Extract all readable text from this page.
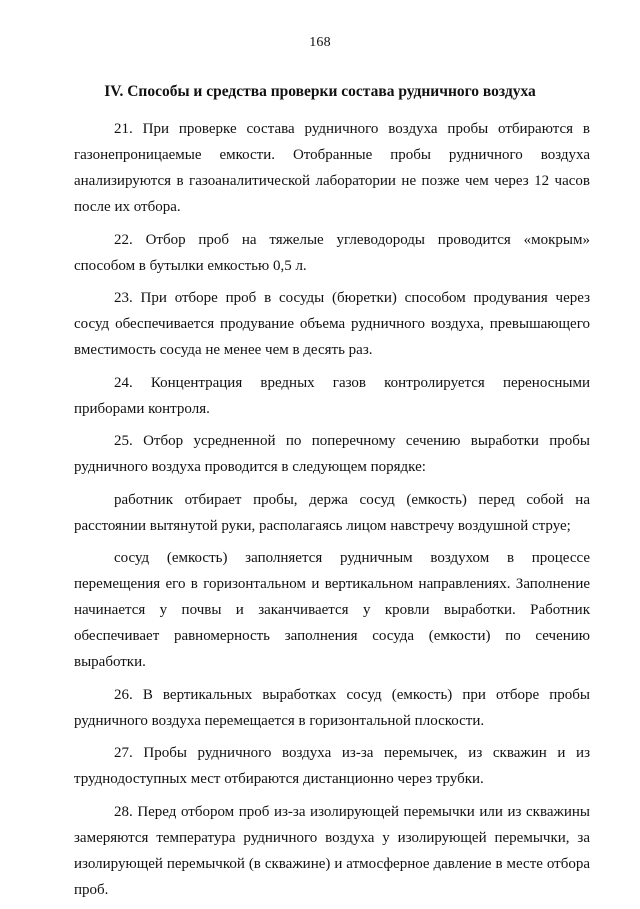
168
IV. Способы и средства проверки состава рудничного воздуха

21. При проверке состава рудничного воздуха пробы отбираются в газонепроницаемые емкости. Отобранные пробы рудничного воздуха анализируются в газоаналитической лаборатории не позже чем через 12 часов после их отбора.

22. Отбор проб на тяжелые углеводороды проводится «мокрым» способом в бутылки емкостью 0,5 л.

23. При отборе проб в сосуды (бюретки) способом продувания через сосуд обеспечивается продувание объема рудничного воздуха, превышающего вместимость сосуда не менее чем в десять раз.

24. Концентрация вредных газов контролируется переносными приборами контроля.

25. Отбор усредненной по поперечному сечению выработки пробы рудничного воздуха проводится в следующем порядке:

работник отбирает пробы, держа сосуд (емкость) перед собой на расстоянии вытянутой руки, располагаясь лицом навстречу воздушной струе;

сосуд (емкость) заполняется рудничным воздухом в процессе перемещения его в горизонтальном и вертикальном направлениях. Заполнение начинается у почвы и заканчивается у кровли выработки. Работник обеспечивает равномерность заполнения сосуда (емкости) по сечению выработки.

26. В вертикальных выработках сосуд (емкость) при отборе пробы рудничного воздуха перемещается в горизонтальной плоскости.

27. Пробы рудничного воздуха из-за перемычек, из скважин и из труднодоступных мест отбираются дистанционно через трубки.

28. Перед отбором проб из-за изолирующей перемычки или из скважины замеряются температура рудничного воздуха у изолирующей перемычки, за изолирующей перемычкой (в скважине) и атмосферное давление в месте отбора проб.
